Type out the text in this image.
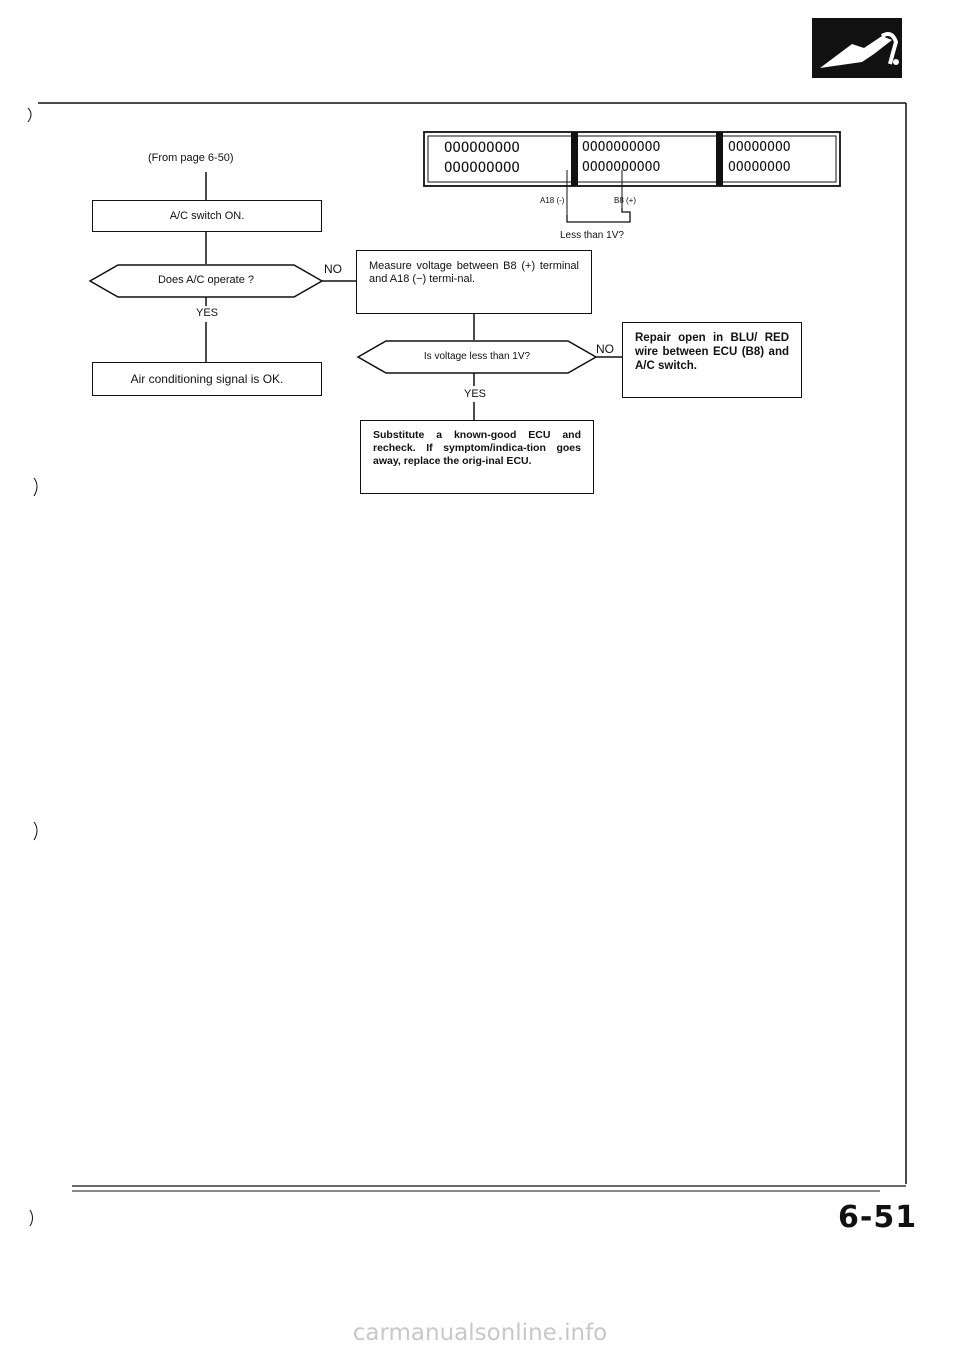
(From page 6-50)
A/C switch ON.
Does A/C operate ?
NO
YES
Air conditioning signal is OK.
Measure voltage between B8 (+) terminal and A18 (−) termi-nal.
Is voltage less than 1V?
NO
YES
Repair open in BLU/ RED wire between ECU (B8) and A/C switch.
Substitute a known-good ECU and recheck. If symptom/indica-tion goes away, replace the orig-inal ECU.
OOOOOOOOO
OOOOOOOOO
OOOOOOOOOO
OOOOOOOOOO
OOOOOOOO
OOOOOOOO
A18 (-)	B8 (+)
Less than 1V?
6-51
carmanualsonline.info
